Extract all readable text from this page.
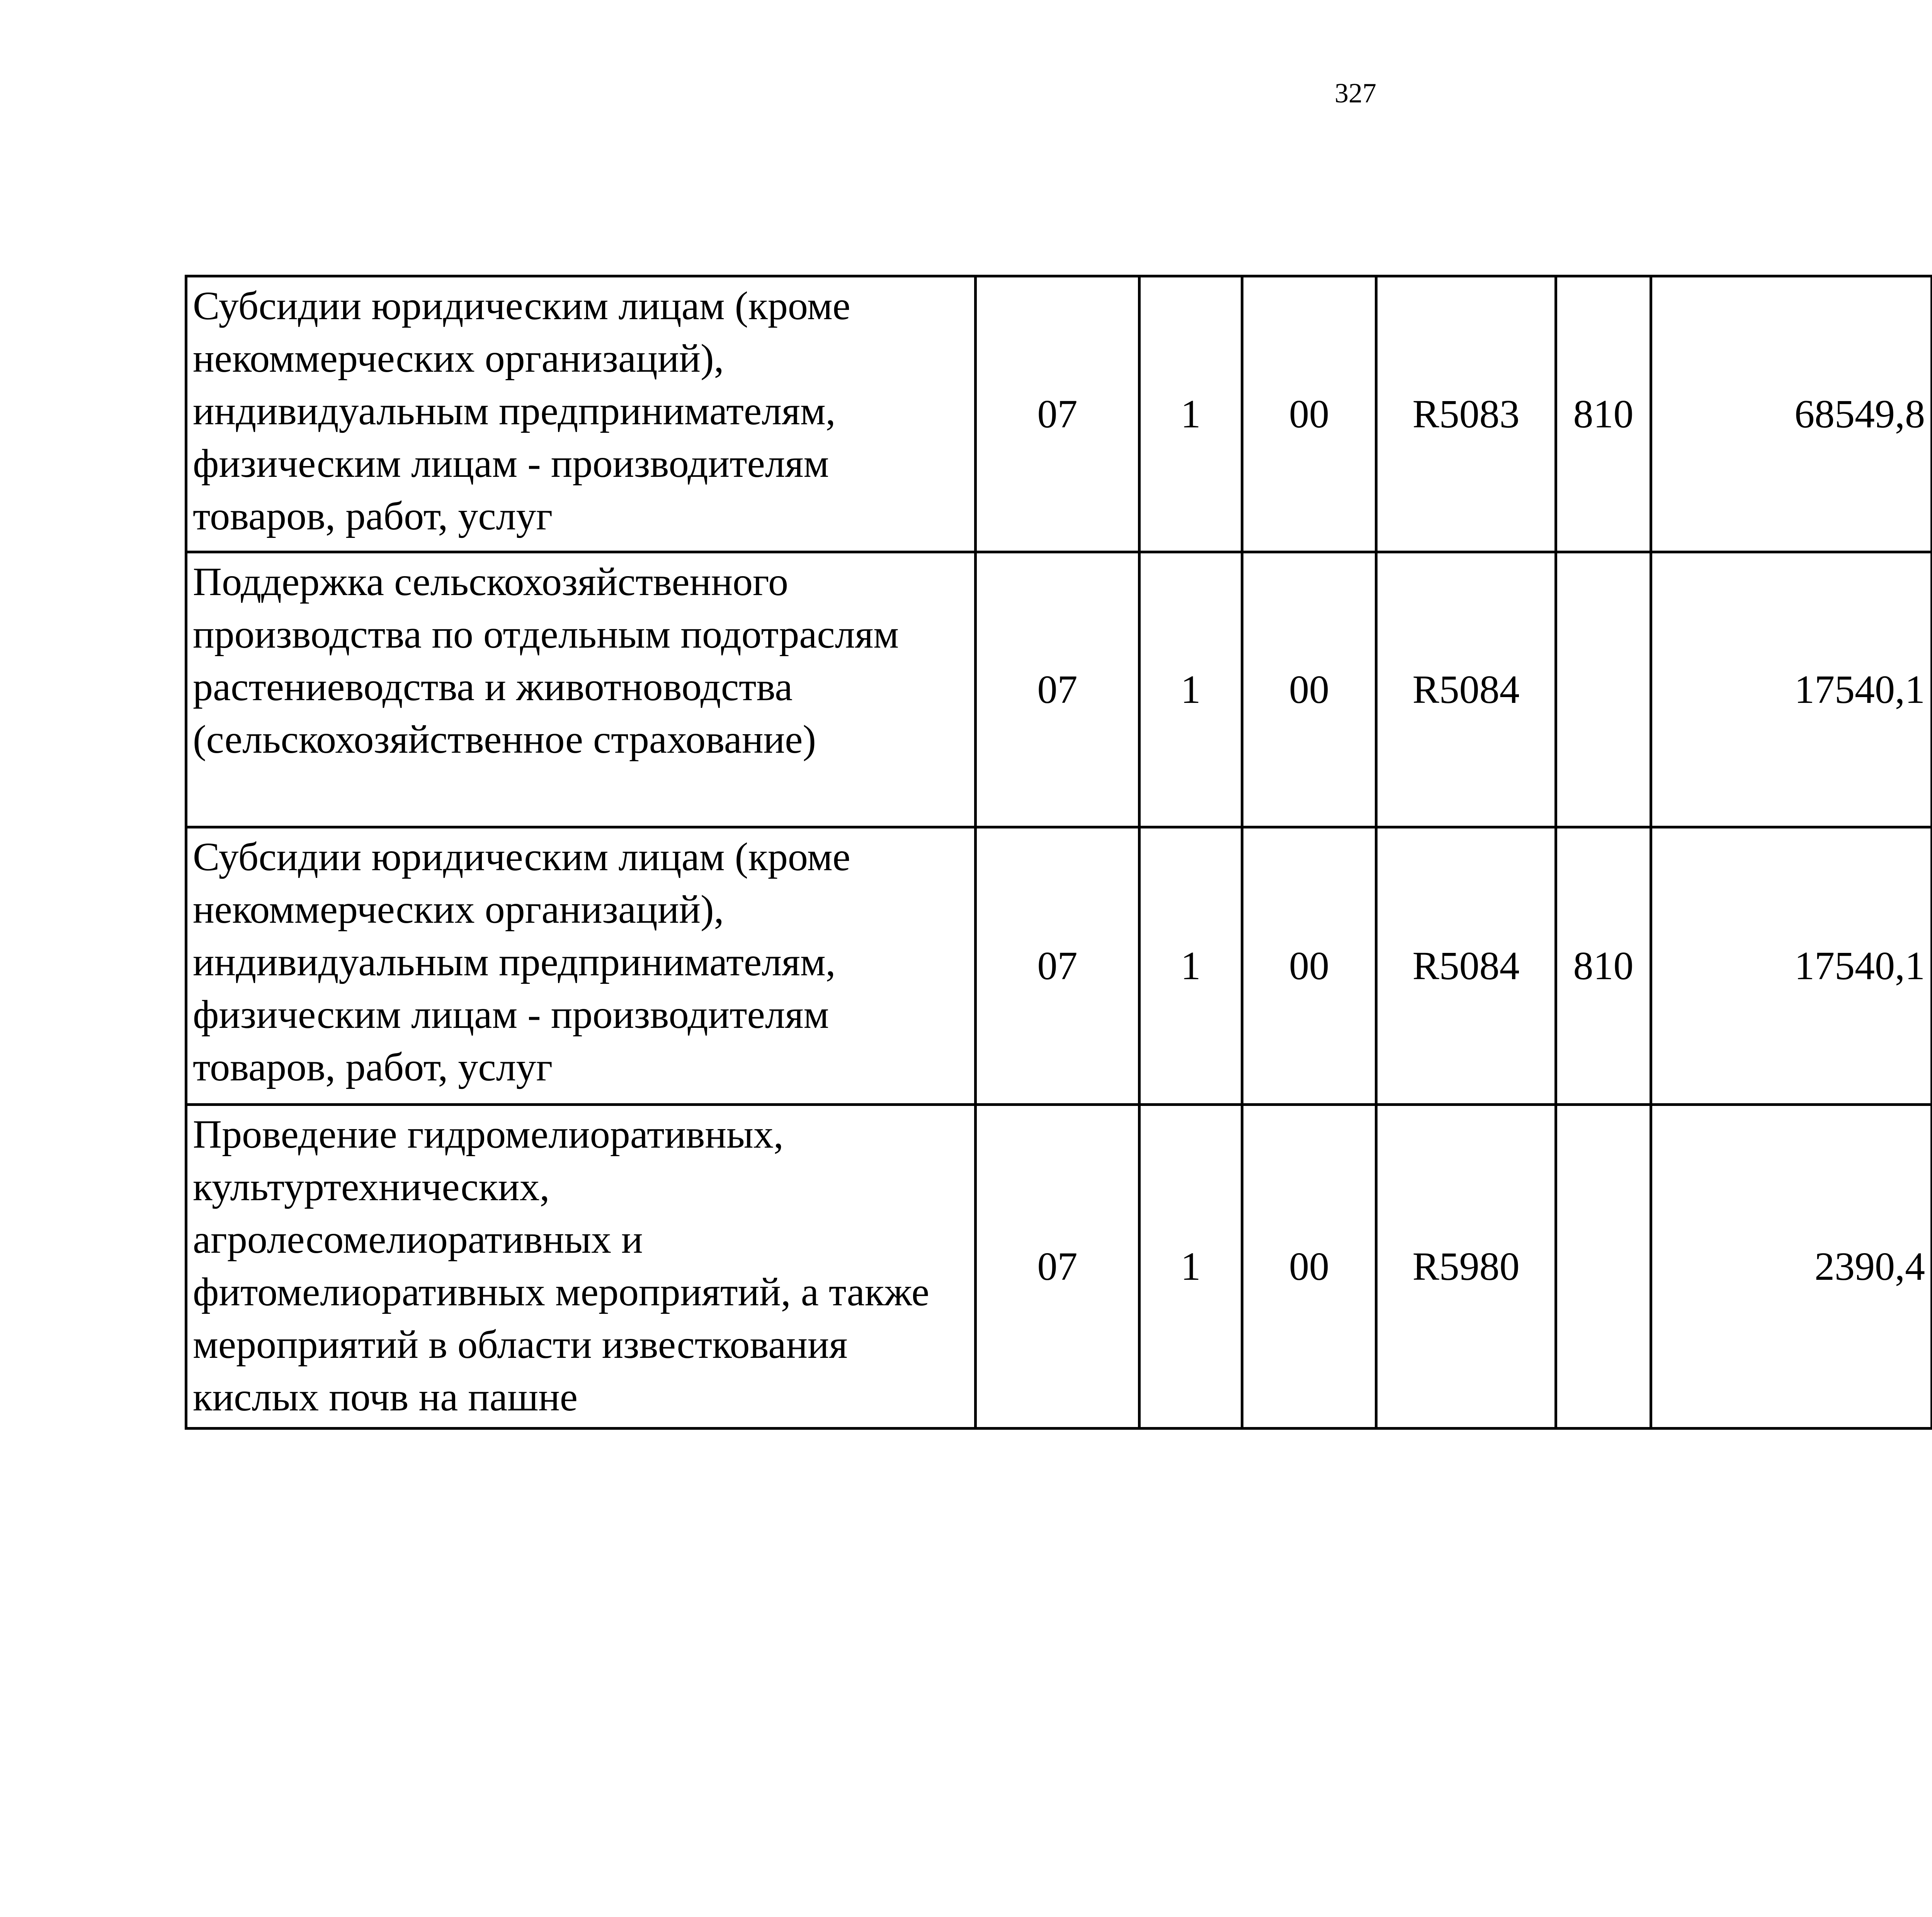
327
Субсидии юридическим лицам (кроме некоммерческих организаций), индивидуальным предпринимателям, физическим лицам - производителям товаров, работ, услуг	07	1	00	R5083	810	68549,8		
Поддержка сельскохозяйственного производства по отдельным подотраслям растениеводства и животноводства (сельскохозяйственное страхование)	07	1	00	R5084		17540,1		
Субсидии юридическим лицам (кроме некоммерческих организаций), индивидуальным предпринимателям, физическим лицам - производителям товаров, работ, услуг	07	1	00	R5084	810	17540,1		
Проведение гидромелиоративных, культуртехнических, агролесомелиоративных и фитомелиоративных мероприятий, а также мероприятий в области известкования кислых почв на пашне	07	1	00	R5980		2390,4		
